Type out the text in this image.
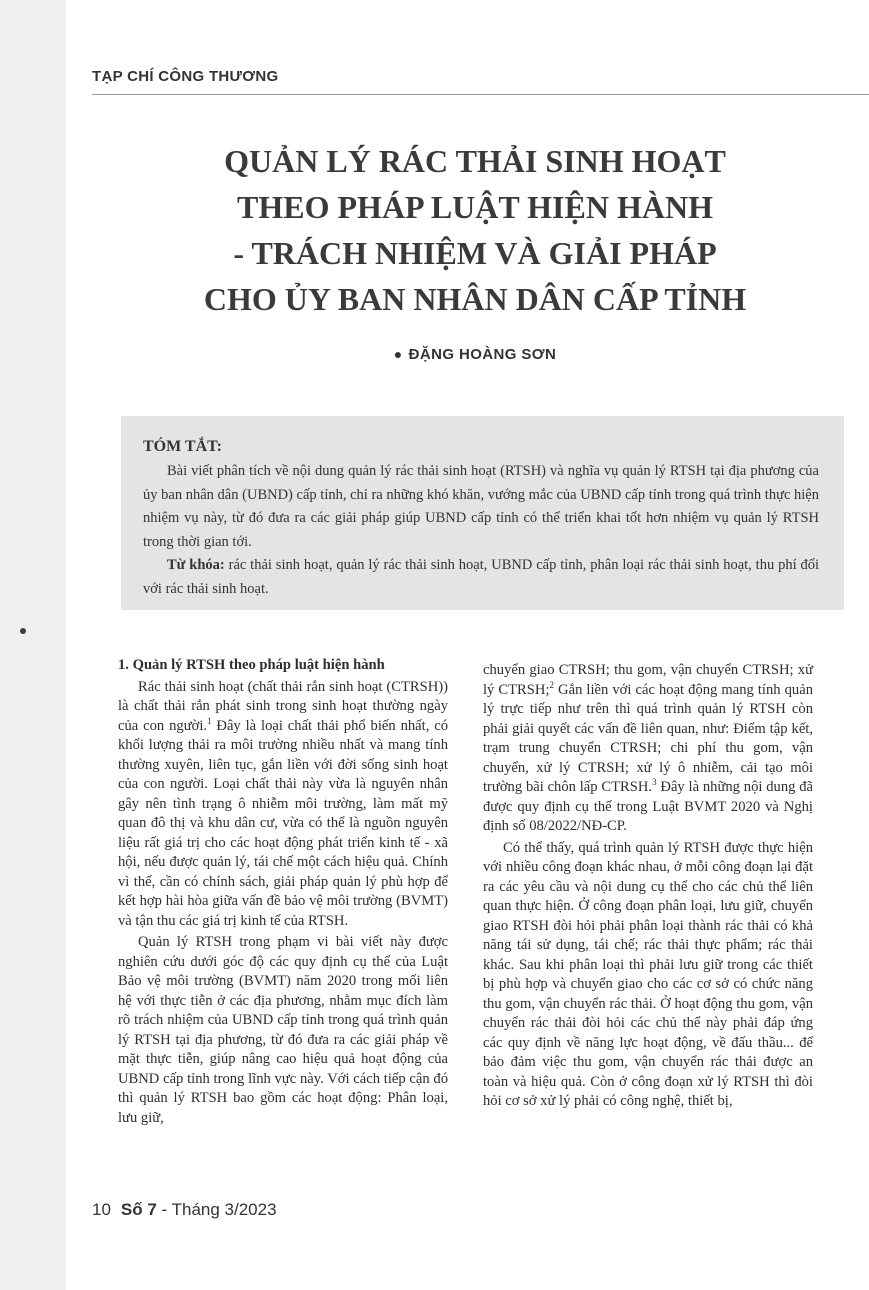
TẠP CHÍ CÔNG THƯƠNG
QUẢN LÝ RÁC THẢI SINH HOẠT
THEO PHÁP LUẬT HIỆN HÀNH
- TRÁCH NHIỆM VÀ GIẢI PHÁP
CHO ỦY BAN NHÂN DÂN CẤP TỈNH
● ĐẶNG HOÀNG SƠN
TÓM TẮT:

Bài viết phân tích về nội dung quản lý rác thải sinh hoạt (RTSH) và nghĩa vụ quản lý RTSH tại địa phương của ủy ban nhân dân (UBND) cấp tỉnh, chỉ ra những khó khăn, vướng mắc của UBND cấp tỉnh trong quá trình thực hiện nhiệm vụ này, từ đó đưa ra các giải pháp giúp UBND cấp tỉnh có thể triển khai tốt hơn nhiệm vụ quản lý RTSH trong thời gian tới.

Từ khóa: rác thải sinh hoạt, quản lý rác thải sinh hoạt, UBND cấp tỉnh, phân loại rác thải sinh hoạt, thu phí đối với rác thải sinh hoạt.

1. Quản lý RTSH theo pháp luật hiện hành

Rác thải sinh hoạt (chất thải rắn sinh hoạt (CTRSH)) là chất thải rắn phát sinh trong sinh hoạt thường ngày của con người.$^1$ Đây là loại chất thải phổ biến nhất, có khối lượng thải ra môi trường nhiều nhất và mang tính thường xuyên, liên tục, gắn liền với đời sống sinh hoạt của con người. Loại chất thải này vừa là nguyên nhân gây nên tình trạng ô nhiễm môi trường, làm mất mỹ quan đô thị và khu dân cư, vừa có thể là nguồn nguyên liệu rất giá trị cho các hoạt động phát triển kinh tế - xã hội, nếu được quản lý, tái chế một cách hiệu quả. Chính vì thế, cần có chính sách, giải pháp quản lý phù hợp để kết hợp hài hòa giữa vấn đề bảo vệ môi trường (BVMT) và tận thu các giá trị kinh tế của RTSH.

Quản lý RTSH trong phạm vi bài viết này được nghiên cứu dưới góc độ các quy định cụ thể của Luật Bảo vệ môi trường (BVMT) năm 2020 trong mối liên hệ với thực tiễn ở các địa phương, nhằm mục đích làm rõ trách nhiệm của UBND cấp tỉnh trong quá trình quản lý RTSH tại địa phương, từ đó đưa ra các giải pháp về mặt thực tiễn, giúp nâng cao hiệu quả hoạt động của UBND cấp tỉnh trong lĩnh vực này. Với cách tiếp cận đó thì quản lý RTSH bao gồm các hoạt động: Phân loại, lưu giữ,

chuyển giao CTRSH; thu gom, vận chuyển CTRSH; xử lý CTRSH;$^2$ Gắn liền với các hoạt động mang tính quản lý trực tiếp như trên thì quá trình quản lý RTSH còn phải giải quyết các vấn đề liên quan, như: Điểm tập kết, trạm trung chuyển CTRSH; chi phí thu gom, vận chuyển, xử lý CTRSH; xử lý ô nhiễm, cải tạo môi trường bãi chôn lấp CTRSH.$^3$ Đây là những nội dung đã được quy định cụ thể trong Luật BVMT 2020 và Nghị định số 08/2022/NĐ-CP.

Có thể thấy, quá trình quản lý RTSH được thực hiện với nhiều công đoạn khác nhau, ở mỗi công đoạn lại đặt ra các yêu cầu và nội dung cụ thể cho các chủ thể liên quan thực hiện. Ở công đoạn phân loại, lưu giữ, chuyển giao RTSH đòi hỏi phải phân loại thành rác thải có khả năng tái sử dụng, tái chế; rác thải thực phẩm; rác thải khác. Sau khi phân loại thì phải lưu giữ trong các thiết bị phù hợp và chuyển giao cho các cơ sở có chức năng thu gom, vận chuyển rác thải. Ở hoạt động thu gom, vận chuyển rác thải đòi hỏi các chủ thể này phải đáp ứng các quy định về năng lực hoạt động, về đấu thầu... để bảo đảm việc thu gom, vận chuyển rác thải được an toàn và hiệu quả. Còn ở công đoạn xử lý RTSH thì đòi hỏi cơ sở xử lý phải có công nghệ, thiết bị,

10 Số 7 - Tháng 3/2023
